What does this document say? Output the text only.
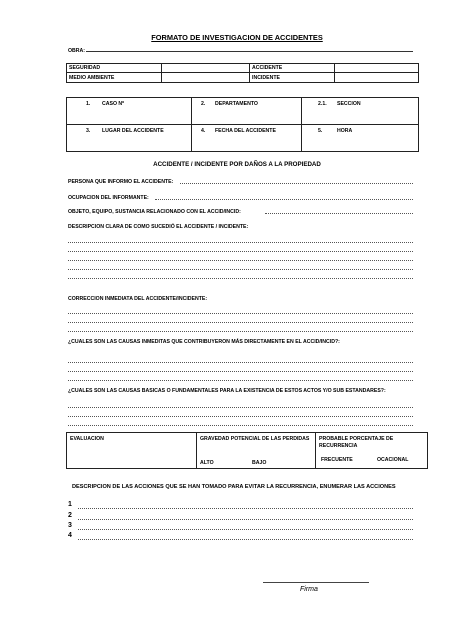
FORMATO DE INVESTIGACION DE ACCIDENTES
OBRA:
SEGURIDAD	ACCIDENTE
MEDIO AMBIENTE	INCIDENTE
1. CASO Nº	2. DEPARTAMENTO	2.1. SECCION
3. LUGAR DEL ACCIDENTE	4. FECHA DEL ACCIDENTE	5.	HORA
ACCIDENTE / INCIDENTE POR DAÑOS A LA PROPIEDAD
PERSONA QUE INFORMO EL ACCIDENTE:
OCUPACION DEL INFORMANTE:
OBJETO, EQUIPO, SUSTANCIA RELACIONADO CON EL ACCID/INCID:
DESCRIPCION CLARA DE COMO SUCEDIÓ EL ACCIDENTE / INCIDENTE:
CORRECCION INMEDIATA DEL ACCIDENTE/INCIDENTE:
¿CUALES SON LAS CAUSAS INMEDITAS QUE CONTRIBUYERON MÁS DIRECTAMENTE EN EL ACCID/INCID?:
¿CUALES SON LAS CAUSAS BASICAS O FUNDAMENTALES PARA LA EXISTENCIA DE ESTOS ACTOS Y/O SUB ESTANDARES?:
EVALUACION	GRAVEDAD POTENCIAL DE LAS PERDIDAS
ALTO	BAJO
PROBABLE PORCENTAJE DE
RECURRENCIA
FRECUENTE	OCACIONAL
DESCRIPCION DE LAS ACCIONES QUE SE HAN TOMADO PARA EVITAR LA RECURRENCIA, ENUMERAR LAS ACCIONES
1
2
3
4
Firma
